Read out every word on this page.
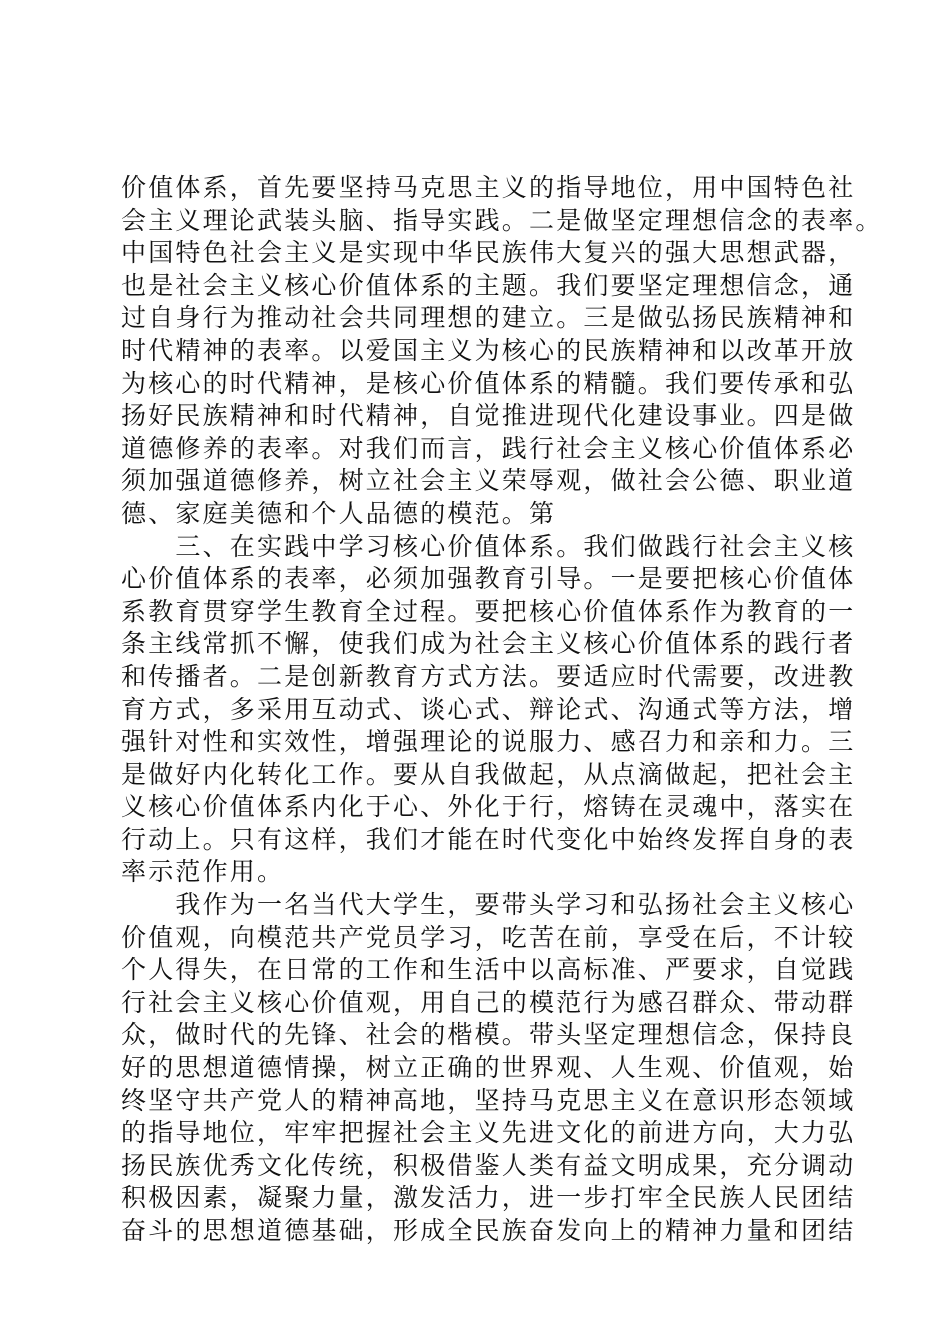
价值体系，首先要坚持马克思主义的指导地位，用中国特色社
会主义理论武装头脑、指导实践。二是做坚定理想信念的表率。
中国特色社会主义是实现中华民族伟大复兴的强大思想武器，
也是社会主义核心价值体系的主题。我们要坚定理想信念，通
过自身行为推动社会共同理想的建立。三是做弘扬民族精神和
时代精神的表率。以爱国主义为核心的民族精神和以改革开放
为核心的时代精神，是核心价值体系的精髓。我们要传承和弘
扬好民族精神和时代精神，自觉推进现代化建设事业。四是做
道德修养的表率。对我们而言，践行社会主义核心价值体系必
须加强道德修养，树立社会主义荣辱观，做社会公德、职业道
德、家庭美德和个人品德的模范。第
　　三、在实践中学习核心价值体系。我们做践行社会主义核
心价值体系的表率，必须加强教育引导。一是要把核心价值体
系教育贯穿学生教育全过程。要把核心价值体系作为教育的一
条主线常抓不懈，使我们成为社会主义核心价值体系的践行者
和传播者。二是创新教育方式方法。要适应时代需要，改进教
育方式，多采用互动式、谈心式、辩论式、沟通式等方法，增
强针对性和实效性，增强理论的说服力、感召力和亲和力。三
是做好内化转化工作。要从自我做起，从点滴做起，把社会主
义核心价值体系内化于心、外化于行，熔铸在灵魂中，落实在
行动上。只有这样，我们才能在时代变化中始终发挥自身的表
率示范作用。
　　我作为一名当代大学生，要带头学习和弘扬社会主义核心
价值观，向模范共产党员学习，吃苦在前，享受在后，不计较
个人得失，在日常的工作和生活中以高标准、严要求，自觉践
行社会主义核心价值观，用自己的模范行为感召群众、带动群
众，做时代的先锋、社会的楷模。带头坚定理想信念，保持良
好的思想道德情操，树立正确的世界观、人生观、价值观，始
终坚守共产党人的精神高地，坚持马克思主义在意识形态领域
的指导地位，牢牢把握社会主义先进文化的前进方向，大力弘
扬民族优秀文化传统，积极借鉴人类有益文明成果，充分调动
积极因素，凝聚力量，激发活力，进一步打牢全民族人民团结
奋斗的思想道德基础，形成全民族奋发向上的精神力量和团结
